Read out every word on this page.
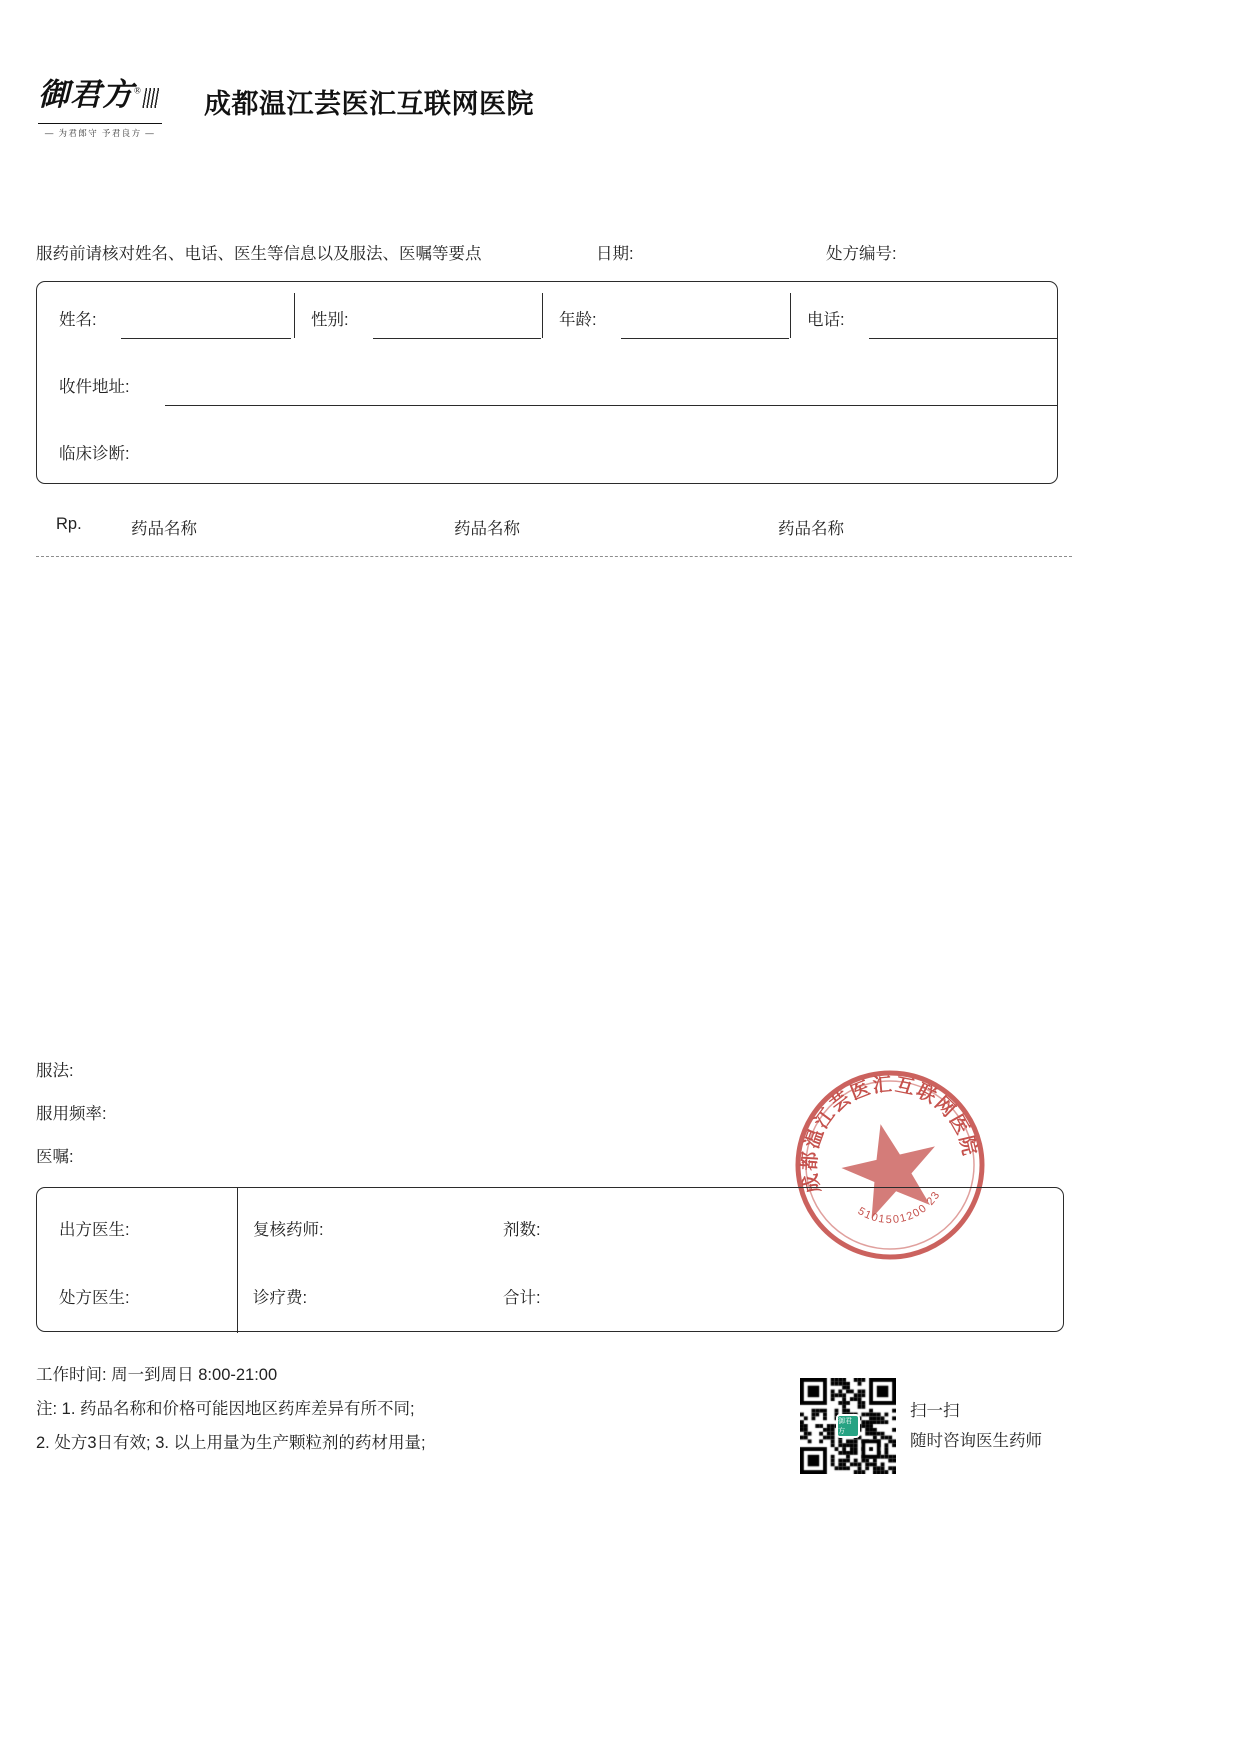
御君方®
— 为君郎守 予君良方 —
成都温江芸医汇互联网医院
服药前请核对姓名、电话、医生等信息以及服法、医嘱等要点	日期:	处方编号:
姓名:	性别:	年龄:	电话:
收件地址:
临床诊断:
Rp.	药品名称	药品名称	药品名称
服法:
服用频率:
医嘱:
成都温江芸医汇互联网医院
5101501200 23
出方医生:	复核药师:	剂数:
处方医生:	诊疗费:	合计:
工作时间: 周一到周日 8:00-21:00
注: 1. 药品名称和价格可能因地区药库差异有所不同;
2. 处方3日有效; 3. 以上用量为生产颗粒剂的药材用量;
御君方
扫一扫
随时咨询医生药师
